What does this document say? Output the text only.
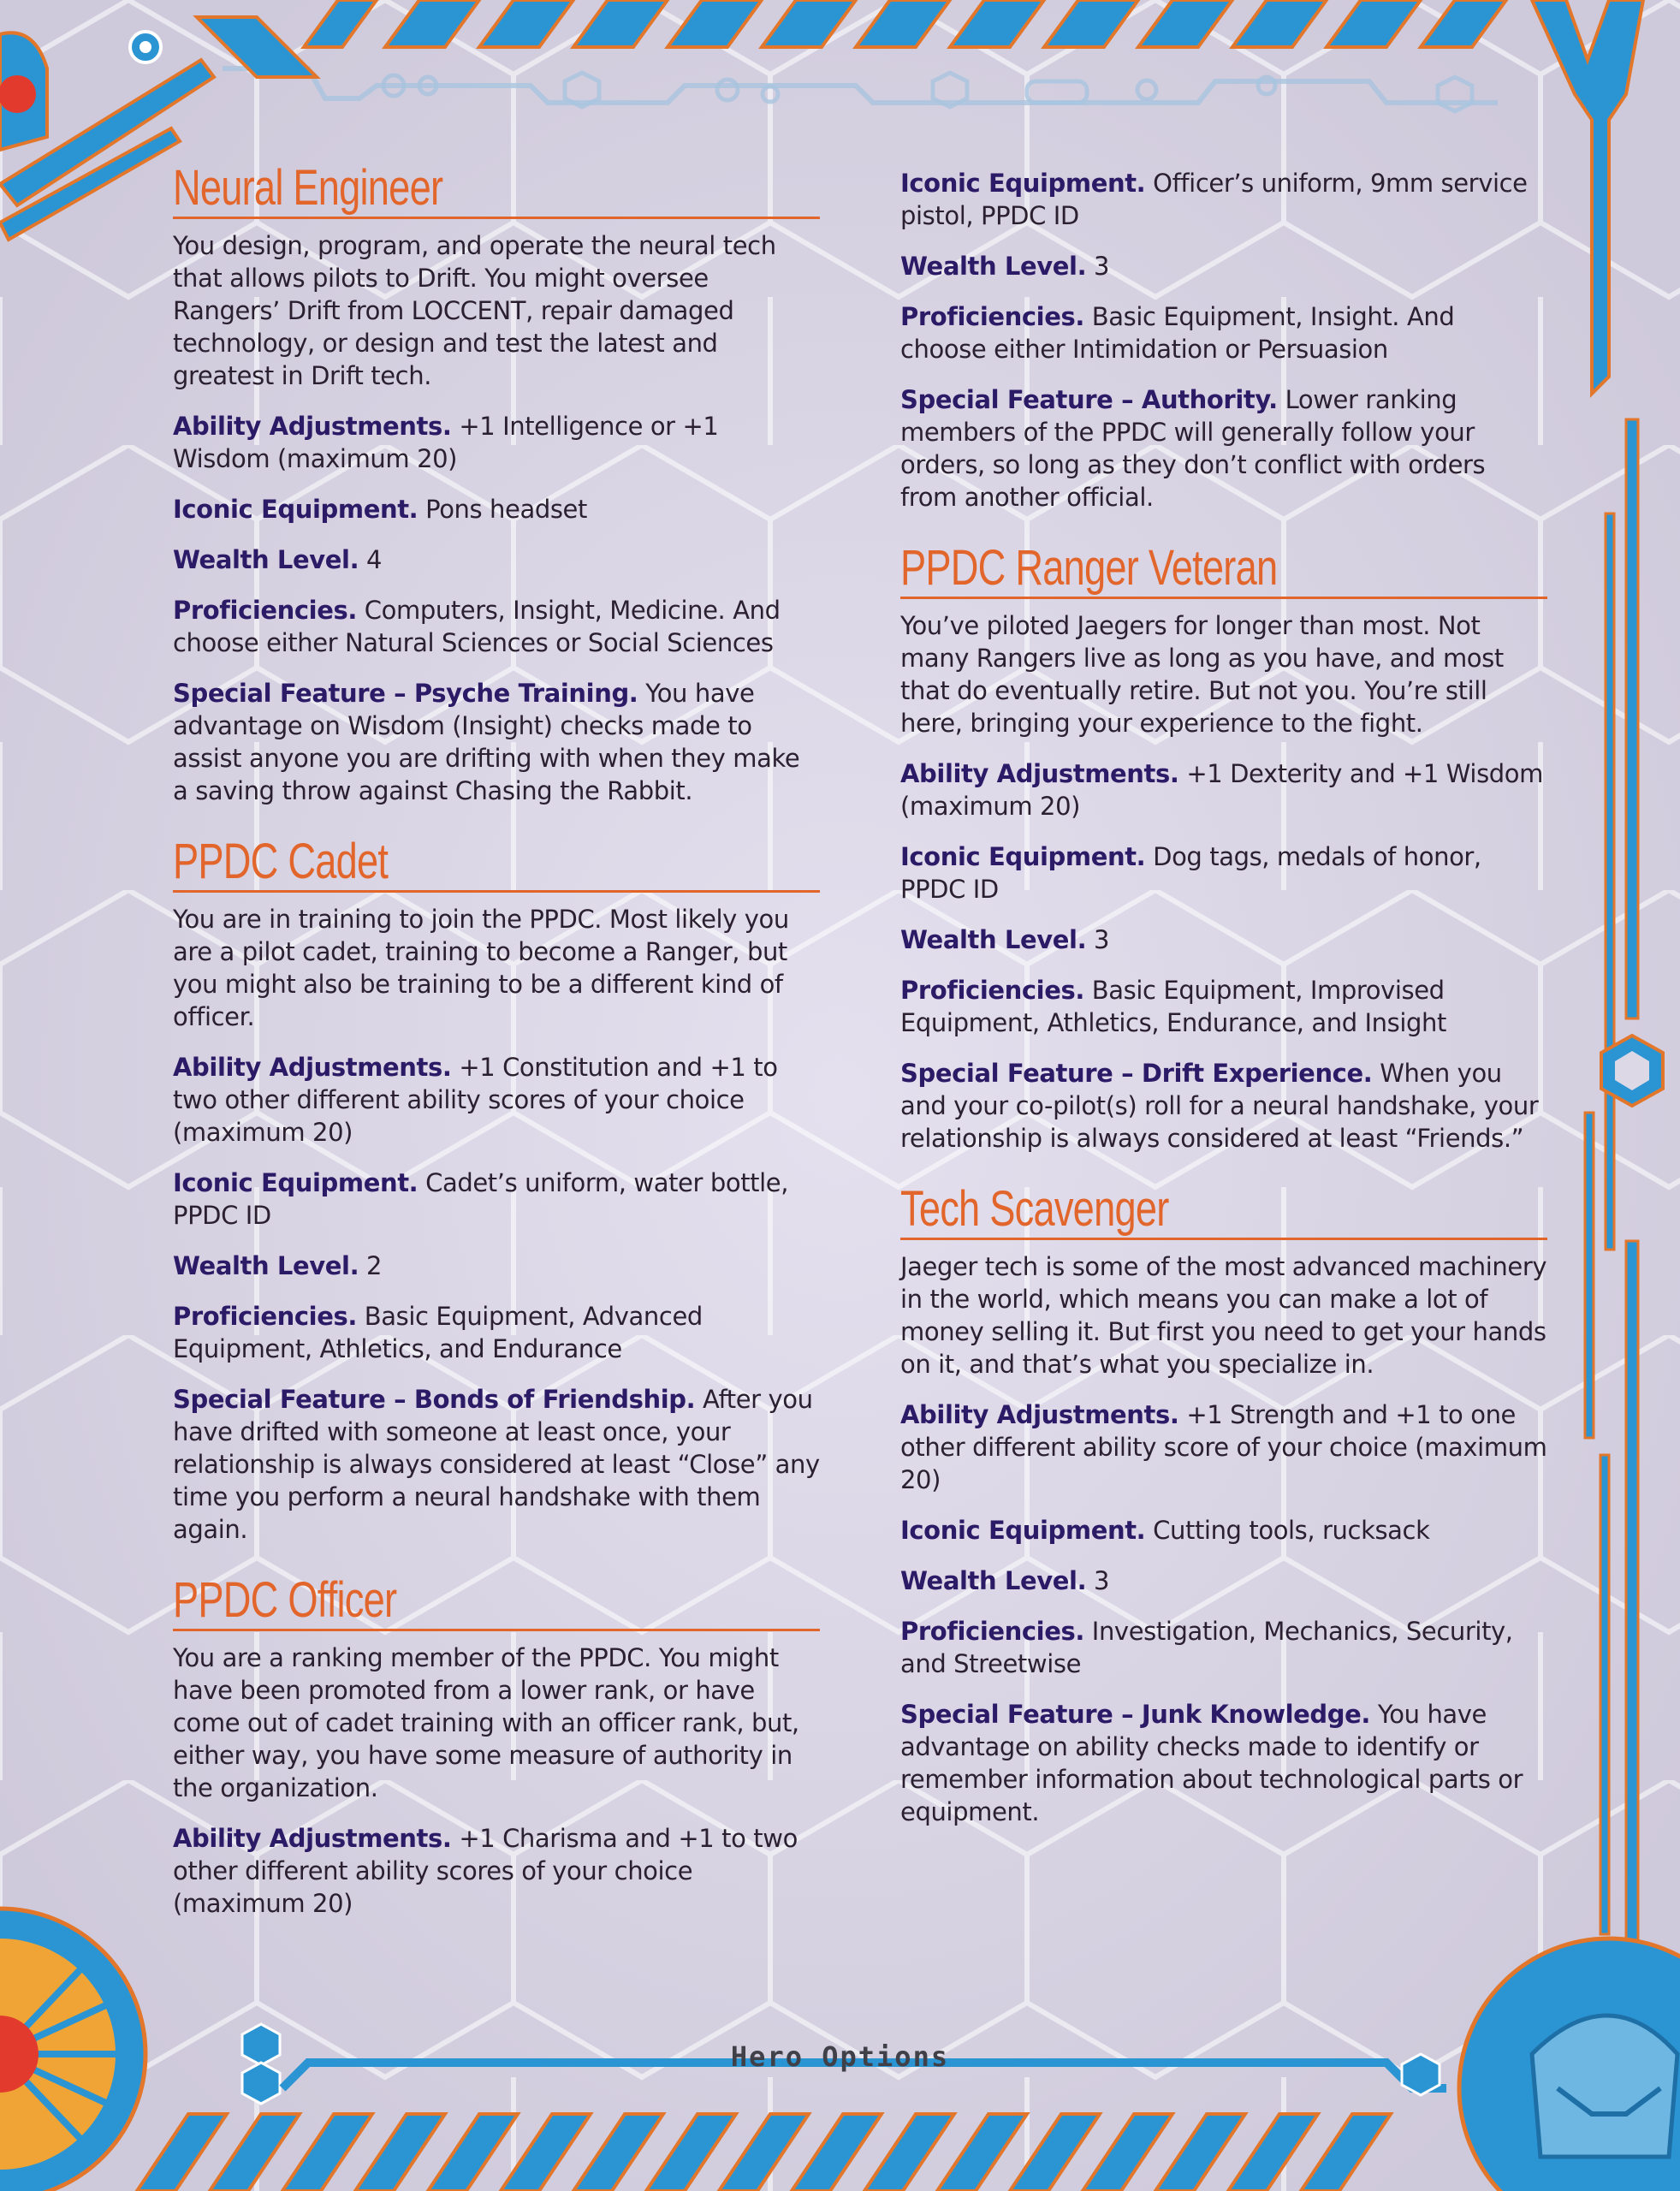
Neural Engineer

You design, program, and operate the neural tech that allows pilots to Drift. You might oversee Rangers’ Drift from LOCCENT, repair damaged technology, or design and test the latest and greatest in Drift tech.

Ability Adjustments. +1 Intelligence or +1 Wisdom (maximum 20)

Iconic Equipment. Pons headset

Wealth Level. 4

Proficiencies. Computers, Insight, Medicine. And choose either Natural Sciences or Social Sciences

Special Feature – Psyche Training. You have advantage on Wisdom (Insight) checks made to assist anyone you are drifting with when they make a saving throw against Chasing the Rabbit.

PPDC Cadet

You are in training to join the PPDC. Most likely you are a pilot cadet, training to become a Ranger, but you might also be training to be a different kind of officer.

Ability Adjustments. +1 Constitution and +1 to two other different ability scores of your choice (maximum 20)

Iconic Equipment. Cadet’s uniform, water bottle, PPDC ID

Wealth Level. 2

Proficiencies. Basic Equipment, Advanced Equipment, Athletics, and Endurance

Special Feature – Bonds of Friendship. After you have drifted with someone at least once, your relationship is always considered at least “Close” any time you perform a neural handshake with them again.

PPDC Officer

You are a ranking member of the PPDC. You might have been promoted from a lower rank, or have come out of cadet training with an officer rank, but, either way, you have some measure of authority in the organization.

Ability Adjustments. +1 Charisma and +1 to two other different ability scores of your choice (maximum 20)

Iconic Equipment. Officer’s uniform, 9mm service pistol, PPDC ID

Wealth Level. 3

Proficiencies. Basic Equipment, Insight. And choose either Intimidation or Persuasion

Special Feature – Authority. Lower ranking members of the PPDC will generally follow your orders, so long as they don’t conflict with orders from another official.

PPDC Ranger Veteran

You’ve piloted Jaegers for longer than most. Not many Rangers live as long as you have, and most that do eventually retire. But not you. You’re still here, bringing your experience to the fight.

Ability Adjustments. +1 Dexterity and +1 Wisdom (maximum 20)

Iconic Equipment. Dog tags, medals of honor, PPDC ID

Wealth Level. 3

Proficiencies. Basic Equipment, Improvised Equipment, Athletics, Endurance, and Insight

Special Feature – Drift Experience. When you and your co-pilot(s) roll for a neural handshake, your relationship is always considered at least “Friends.”

Tech Scavenger

Jaeger tech is some of the most advanced machinery in the world, which means you can make a lot of money selling it. But first you need to get your hands on it, and that’s what you specialize in.

Ability Adjustments. +1 Strength and +1 to one other different ability score of your choice (maximum 20)

Iconic Equipment. Cutting tools, rucksack

Wealth Level. 3

Proficiencies. Investigation, Mechanics, Security, and Streetwise

Special Feature – Junk Knowledge. You have advantage on ability checks made to identify or remember information about technological parts or equipment.

Hero Options
